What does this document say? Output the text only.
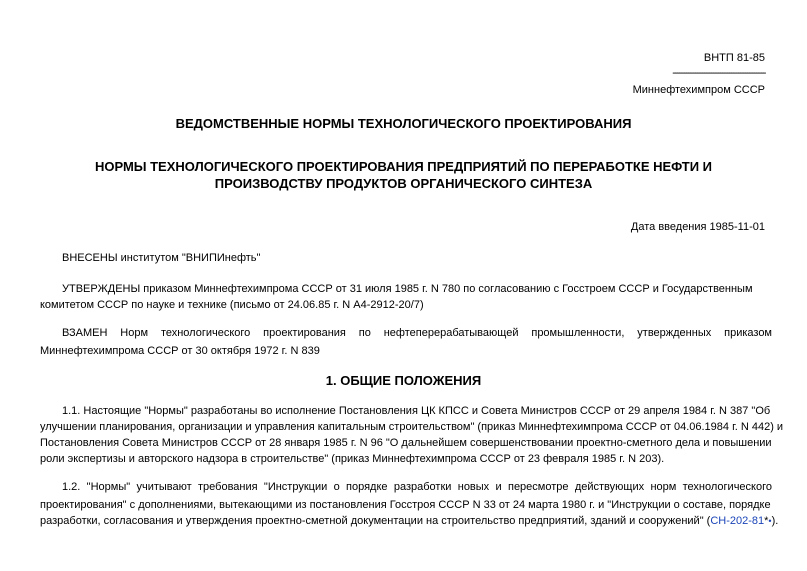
ВНТП 81-85
-----------------------------------------
Миннефтехимпром СССР
ВЕДОМСТВЕННЫЕ НОРМЫ ТЕХНОЛОГИЧЕСКОГО ПРОЕКТИРОВАНИЯ
НОРМЫ ТЕХНОЛОГИЧЕСКОГО ПРОЕКТИРОВАНИЯ ПРЕДПРИЯТИЙ ПО ПЕРЕРАБОТКЕ НЕФТИ И
ПРОИЗВОДСТВУ ПРОДУКТОВ ОРГАНИЧЕСКОГО СИНТЕЗА
Дата введения 1985-11-01
ВНЕСЕНЫ институтом "ВНИПИнефть"
УТВЕРЖДЕНЫ приказом Миннефтехимпрома СССР от 31 июля 1985 г. N 780 по согласованию с Госстроем СССР и Государственным
комитетом СССР по науке и технике (письмо от 24.06.85 г. N А4-2912-20/7)
ВЗАМЕН Норм технологического проектирования по нефтеперерабатывающей промышленности, утвержденных приказом
Миннефтехимпрома СССР от 30 октября 1972 г. N 839
1. ОБЩИЕ ПОЛОЖЕНИЯ
1.1. Настоящие "Нормы" разработаны во исполнение Постановления ЦК КПСС и Совета Министров СССР от 29 апреля 1984 г. N 387 "Об
улучшении планирования, организации и управления капитальным строительством" (приказ Миннефтехимпрома СССР от 04.06.1984 г. N 442) и
Постановления Совета Министров СССР от 28 января 1985 г. N 96 "О дальнейшем совершенствовании проектно-сметного дела и повышении
роли экспертизы и авторского надзора в строительстве" (приказ Миннефтехимпрома СССР от 23 февраля 1985 г. N 203).
1.2. "Нормы" учитывают требования "Инструкции о порядке разработки новых и пересмотре действующих норм технологического
проектирования" с дополнениями, вытекающими из постановления Госстроя СССР N 33 от 24 марта 1980 г. и "Инструкции о составе, порядке
разработки, согласования и утверждения проектно-сметной документации на строительство предприятий, зданий и сооружений" (СН-202-81*•).
